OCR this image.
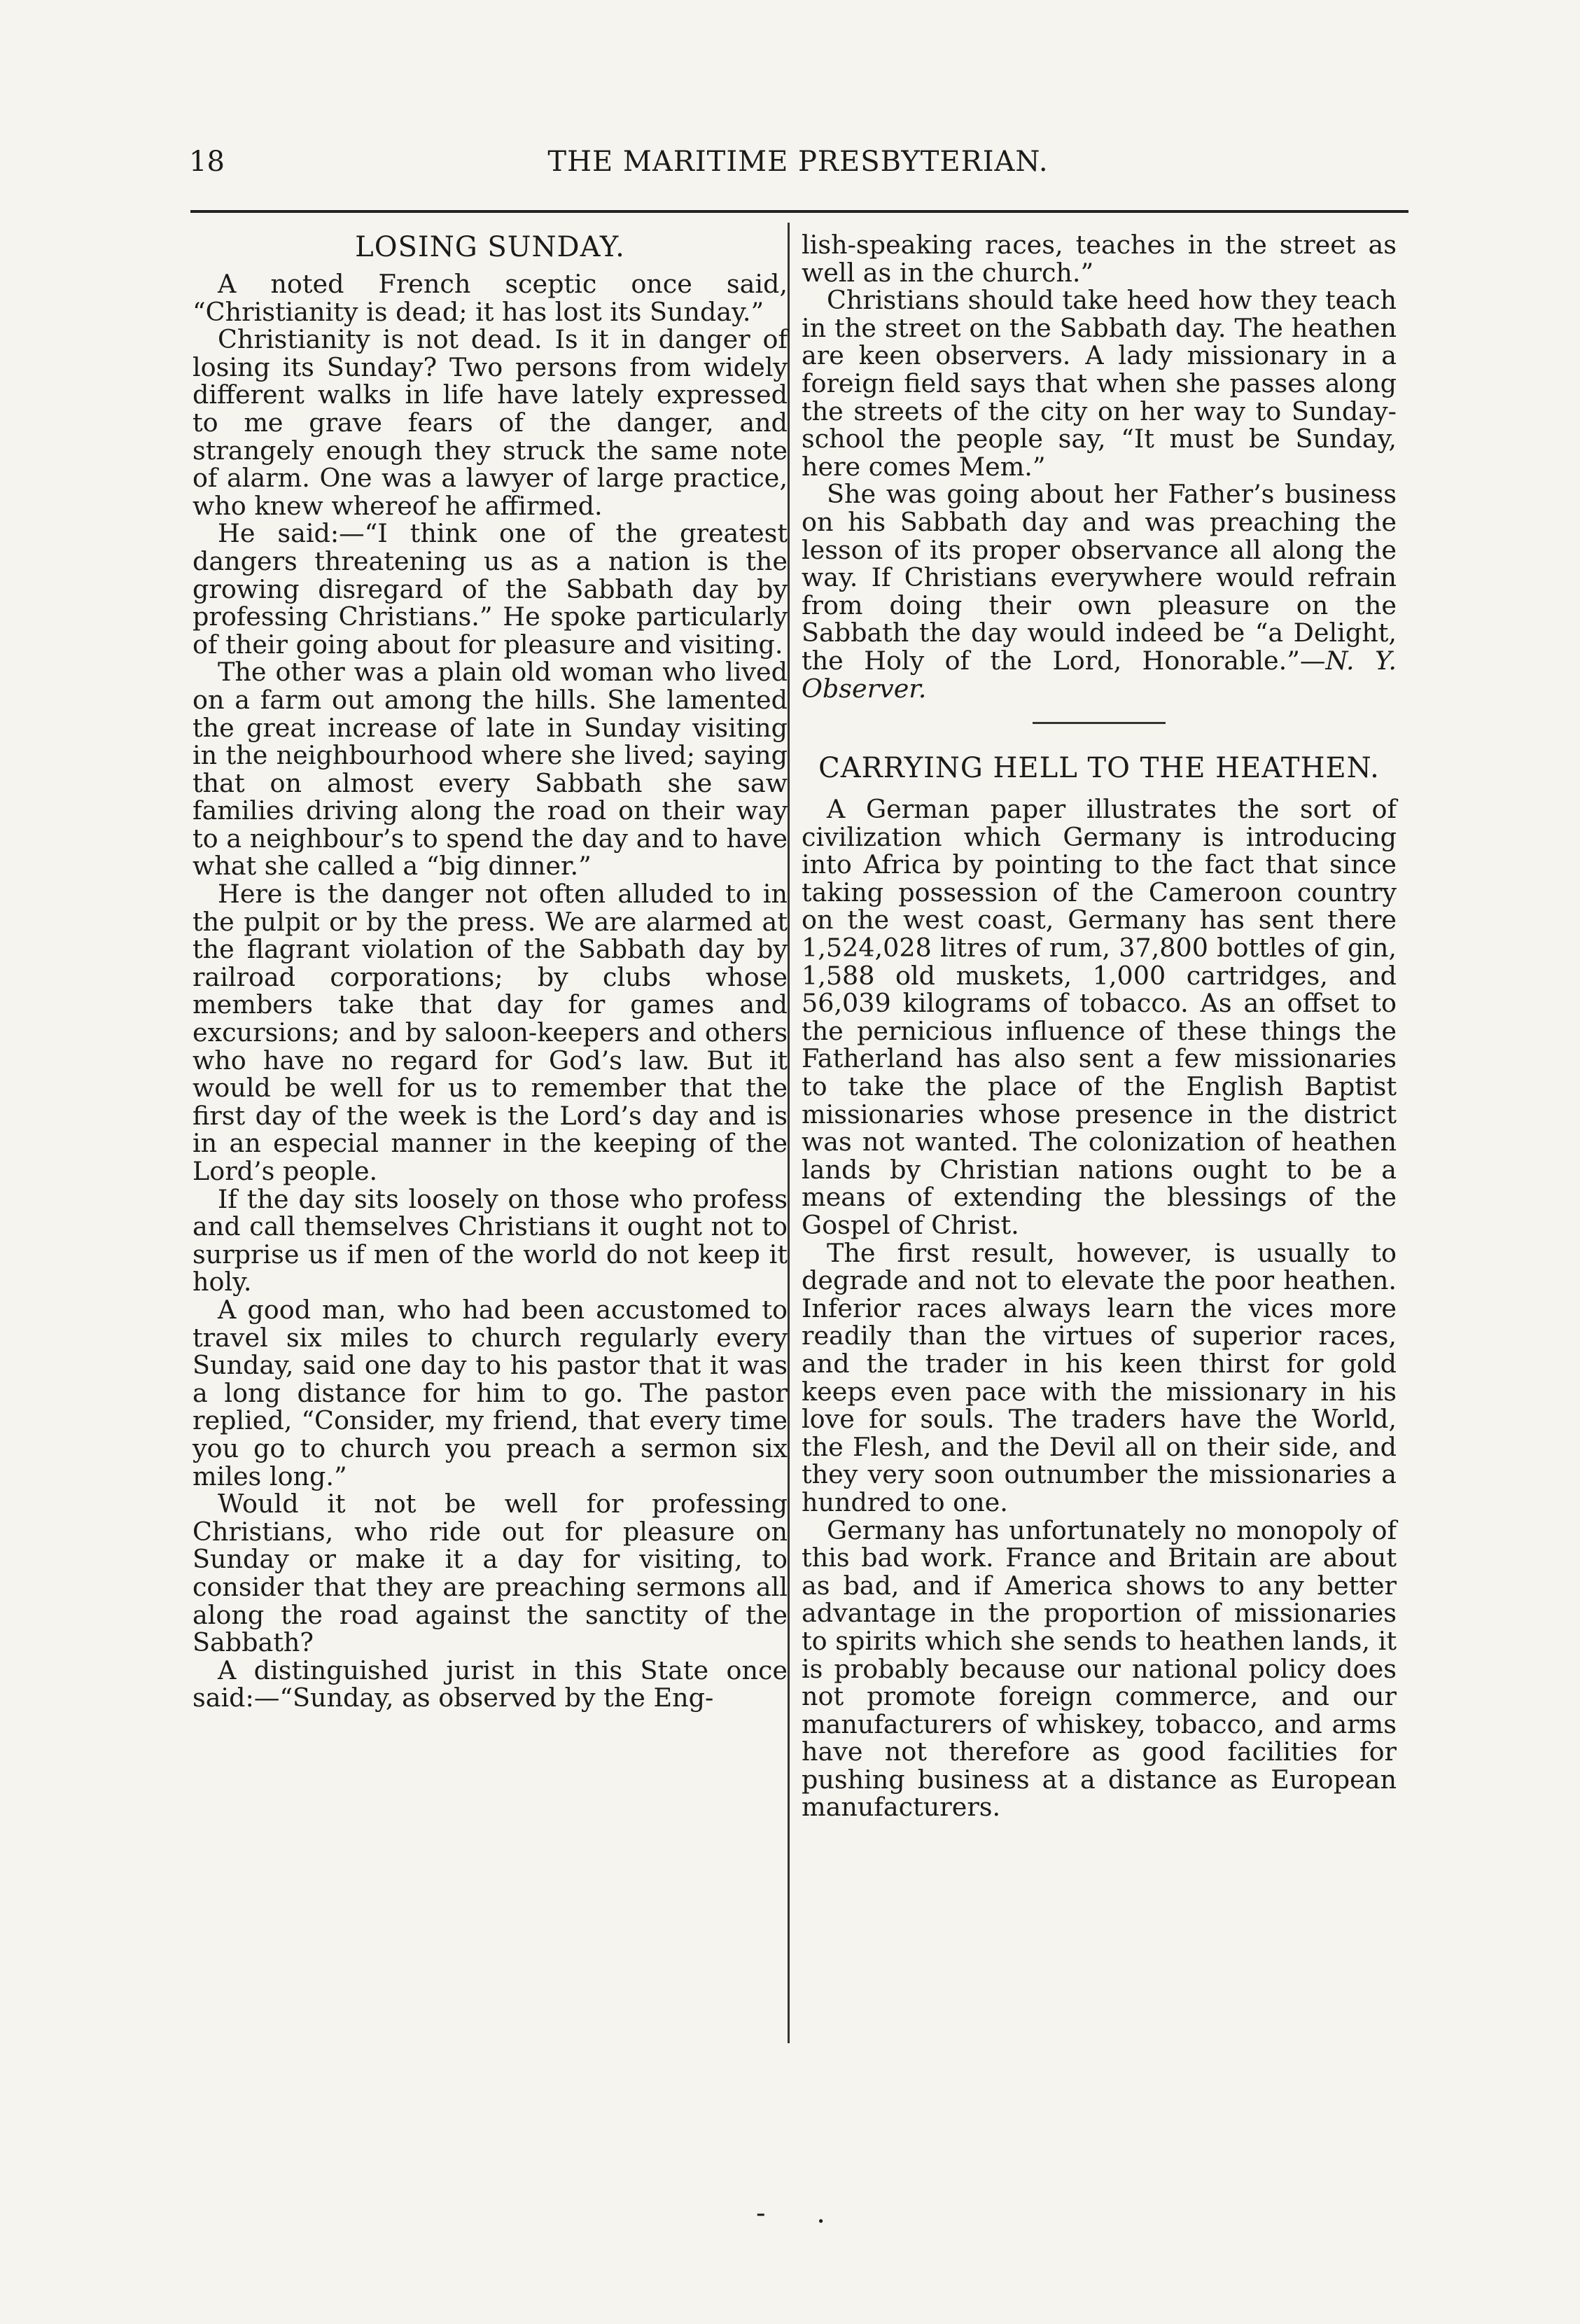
18	THE MARITIME PRESBYTERIAN.
LOSING SUNDAY.

A noted French sceptic once said, “Christianity is dead; it has lost its Sunday.”

Christianity is not dead. Is it in danger of losing its Sunday? Two persons from widely different walks in life have lately expressed to me grave fears of the danger, and strangely enough they struck the same note of alarm. One was a lawyer of large practice, who knew whereof he affirmed.

He said:—“I think one of the greatest dangers threatening us as a nation is the growing disregard of the Sabbath day by professing Christians.” He spoke particularly of their going about for pleasure and visiting.

The other was a plain old woman who lived on a farm out among the hills. She lamented the great increase of late in Sunday visiting in the neighbourhood where she lived; saying that on almost every Sabbath she saw families driving along the road on their way to a neighbour’s to spend the day and to have what she called a “big dinner.”

Here is the danger not often alluded to in the pulpit or by the press. We are alarmed at the flagrant violation of the Sabbath day by railroad corporations; by clubs whose members take that day for games and excursions; and by saloon-keepers and others who have no regard for God’s law. But it would be well for us to remember that the first day of the week is the Lord’s day and is in an especial manner in the keeping of the Lord’s people.

If the day sits loosely on those who profess and call themselves Christians it ought not to surprise us if men of the world do not keep it holy.

A good man, who had been accustomed to travel six miles to church regularly every Sunday, said one day to his pastor that it was a long distance for him to go. The pastor replied, “Consider, my friend, that every time you go to church you preach a sermon six miles long.”

Would it not be well for professing Christians, who ride out for pleasure on Sunday or make it a day for visiting, to consider that they are preaching sermons all along the road against the sanctity of the Sabbath?

A distinguished jurist in this State once said:—“Sunday, as observed by the Eng-

lish-speaking races, teaches in the street as well as in the church.”

Christians should take heed how they teach in the street on the Sabbath day. The heathen are keen observers. A lady missionary in a foreign field says that when she passes along the streets of the city on her way to Sunday-school the people say, “It must be Sunday, here comes Mem.”

She was going about her Father’s business on his Sabbath day and was preaching the lesson of its proper observance all along the way. If Christians everywhere would refrain from doing their own pleasure on the Sabbath the day would indeed be “a Delight, the Holy of the Lord, Honorable.”—N. Y. Observer.

CARRYING HELL TO THE HEATHEN.

A German paper illustrates the sort of civilization which Germany is introducing into Africa by pointing to the fact that since taking possession of the Cameroon country on the west coast, Germany has sent there 1,524,028 litres of rum, 37,800 bottles of gin, 1,588 old muskets, 1,000 cartridges, and 56,039 kilograms of tobacco. As an offset to the pernicious influence of these things the Fatherland has also sent a few missionaries to take the place of the English Baptist missionaries whose presence in the district was not wanted. The colonization of heathen lands by Christian nations ought to be a means of extending the blessings of the Gospel of Christ.

The first result, however, is usually to degrade and not to elevate the poor heathen. Inferior races always learn the vices more readily than the virtues of superior races, and the trader in his keen thirst for gold keeps even pace with the missionary in his love for souls. The traders have the World, the Flesh, and the Devil all on their side, and they very soon outnumber the missionaries a hundred to one.

Germany has unfortunately no monopoly of this bad work. France and Britain are about as bad, and if America shows to any better advantage in the proportion of missionaries to spirits which she sends to heathen lands, it is probably because our national policy does not promote foreign commerce, and our manufacturers of whiskey, tobacco, and arms have not therefore as good facilities for pushing business at a distance as European manufacturers.

- .
